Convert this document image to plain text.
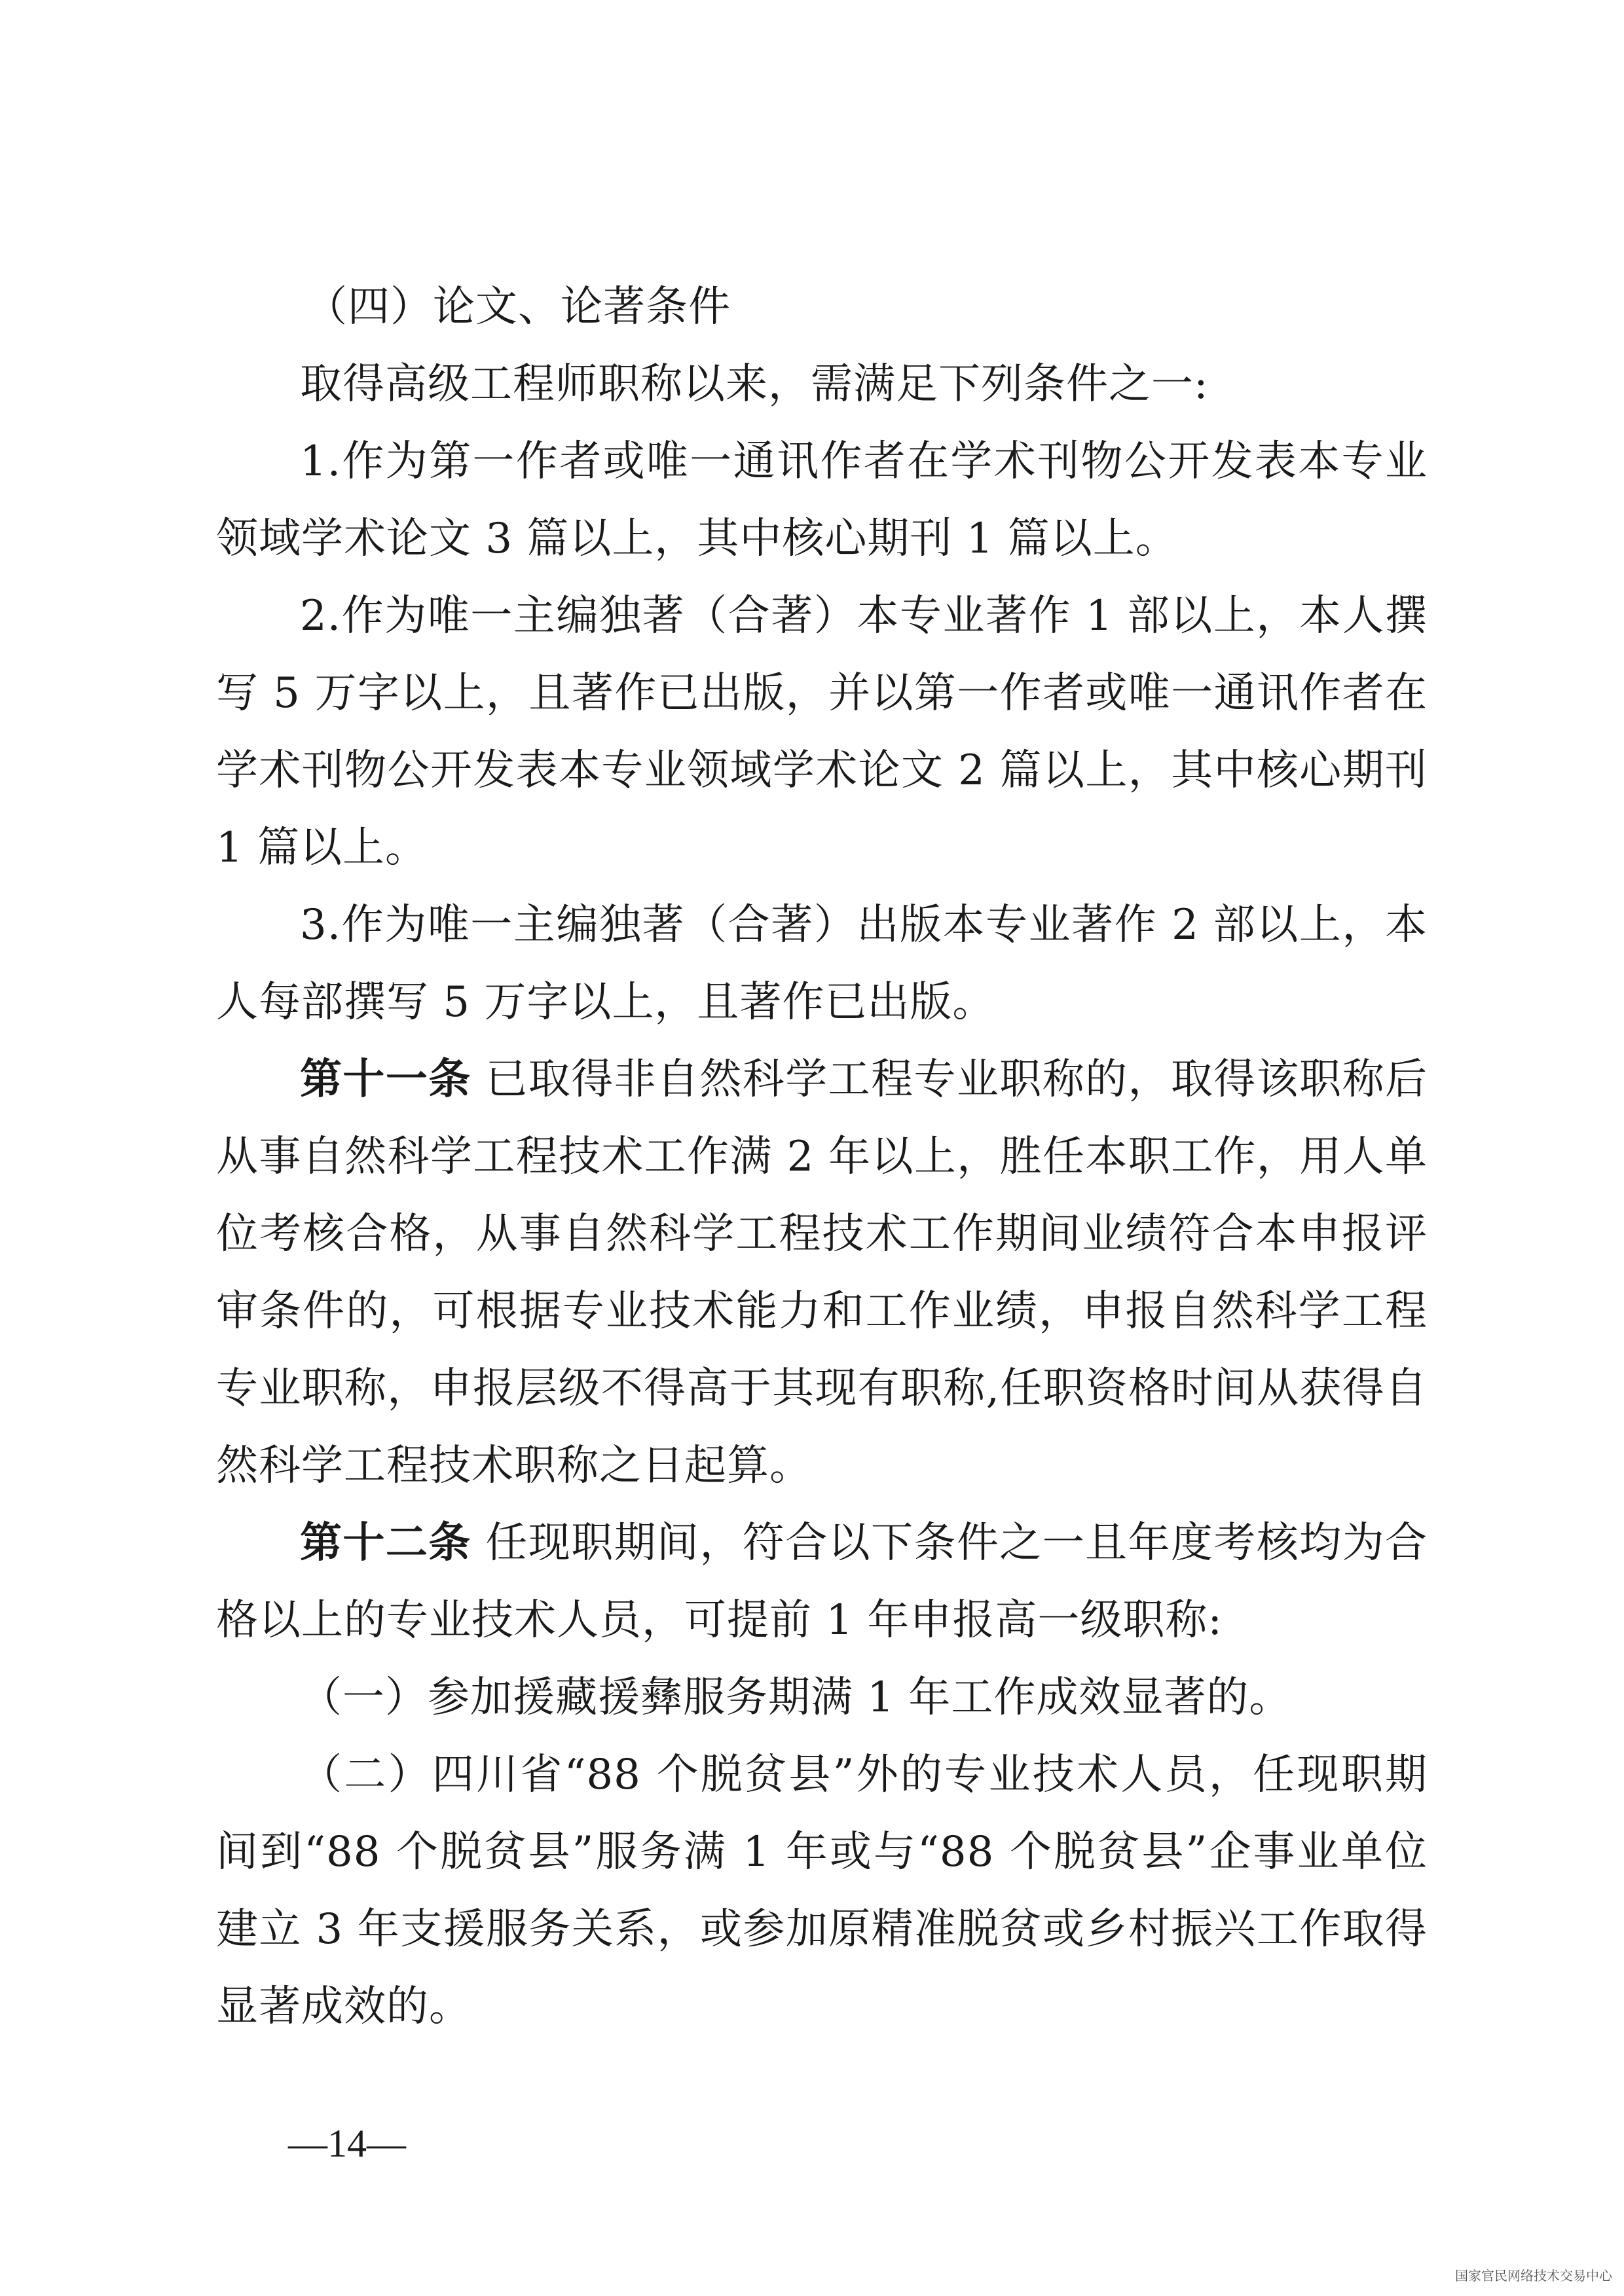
（四）论文、论著条件

取得高级工程师职称以来，需满足下列条件之一:

1.作为第一作者或唯一通讯作者在学术刊物公开发表本专业领域学术论文 3 篇以上，其中核心期刊 1 篇以上。

2.作为唯一主编独著（合著）本专业著作 1 部以上，本人撰写 5 万字以上，且著作已出版，并以第一作者或唯一通讯作者在学术刊物公开发表本专业领域学术论文 2 篇以上，其中核心期刊 1 篇以上。

3.作为唯一主编独著（合著）出版本专业著作 2 部以上，本人每部撰写 5 万字以上，且著作已出版。

第十一条 已取得非自然科学工程专业职称的，取得该职称后从事自然科学工程技术工作满 2 年以上，胜任本职工作，用人单位考核合格，从事自然科学工程技术工作期间业绩符合本申报评审条件的，可根据专业技术能力和工作业绩，申报自然科学工程专业职称，申报层级不得高于其现有职称,任职资格时间从获得自然科学工程技术职称之日起算。

第十二条 任现职期间，符合以下条件之一且年度考核均为合格以上的专业技术人员，可提前 1 年申报高一级职称:

（一）参加援藏援彝服务期满 1 年工作成效显著的。

（二）四川省“88 个脱贫县”外的专业技术人员，任现职期间到“88 个脱贫县”服务满 1 年或与“88 个脱贫县”企事业单位建立 3 年支援服务关系，或参加原精准脱贫或乡村振兴工作取得显著成效的。

—14—
国家官民网络技术交易中心
